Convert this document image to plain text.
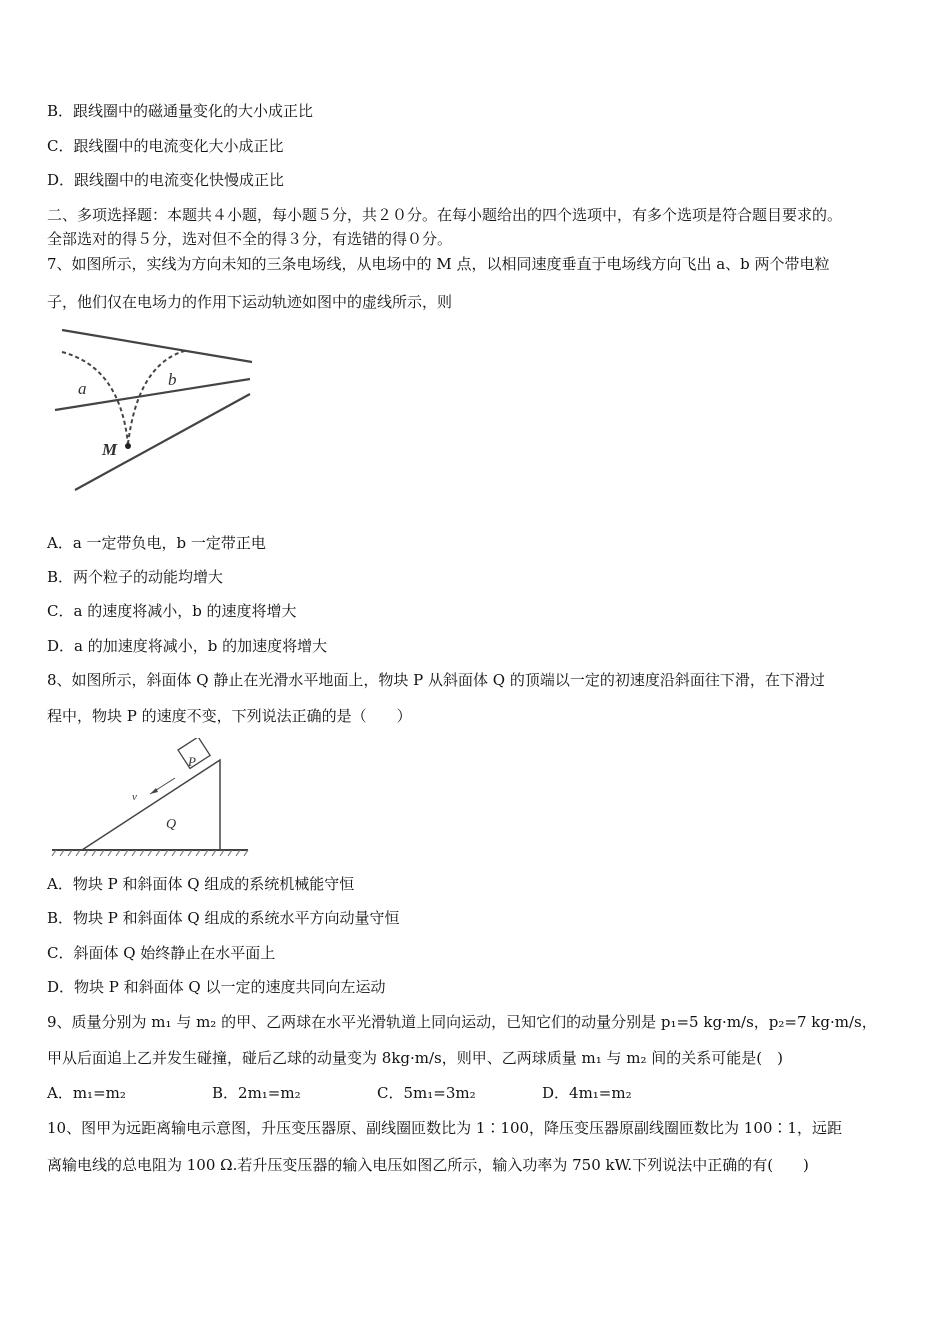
B．跟线圈中的磁通量变化的大小成正比
C．跟线圈中的电流变化大小成正比
D．跟线圈中的电流变化快慢成正比
二、多项选择题：本题共４小题，每小题５分，共２０分。在每小题给出的四个选项中，有多个选项是符合题目要求的。
全部选对的得５分，选对但不全的得３分，有选错的得０分。
7、如图所示，实线为方向未知的三条电场线，从电场中的 M 点，以相同速度垂直于电场线方向飞出 a、b 两个带电粒
子，他们仅在电场力的作用下运动轨迹如图中的虚线所示，则
a	b
M
A．a 一定带负电，b 一定带正电
B．两个粒子的动能均增大
C．a 的速度将减小，b 的速度将增大
D．a 的加速度将减小，b 的加速度将增大
8、如图所示，斜面体 Q 静止在光滑水平地面上，物块 P 从斜面体 Q 的顶端以一定的初速度沿斜面往下滑，在下滑过
程中，物块 P 的速度不变，下列说法正确的是（　　）
P
v
Q
A．物块 P 和斜面体 Q 组成的系统机械能守恒
B．物块 P 和斜面体 Q 组成的系统水平方向动量守恒
C．斜面体 Q 始终静止在水平面上
D．物块 P 和斜面体 Q 以一定的速度共同向左运动
9、质量分别为 m₁ 与 m₂ 的甲、乙两球在水平光滑轨道上同向运动，已知它们的动量分别是 p₁=5 kg·m/s，p₂=7 kg·m/s，
甲从后面追上乙并发生碰撞，碰后乙球的动量变为 8kg·m/s，则甲、乙两球质量 m₁ 与 m₂ 间的关系可能是(　)
A．m₁=m₂	B．2m₁=m₂	C．5m₁=3m₂	D．4m₁=m₂
10、图甲为远距离输电示意图，升压变压器原、副线圈匝数比为 1∶100，降压变压器原副线圈匝数比为 100∶1，远距
离输电线的总电阻为 100 Ω.若升压变压器的输入电压如图乙所示，输入功率为 750 kW.下列说法中正确的有(　　)
